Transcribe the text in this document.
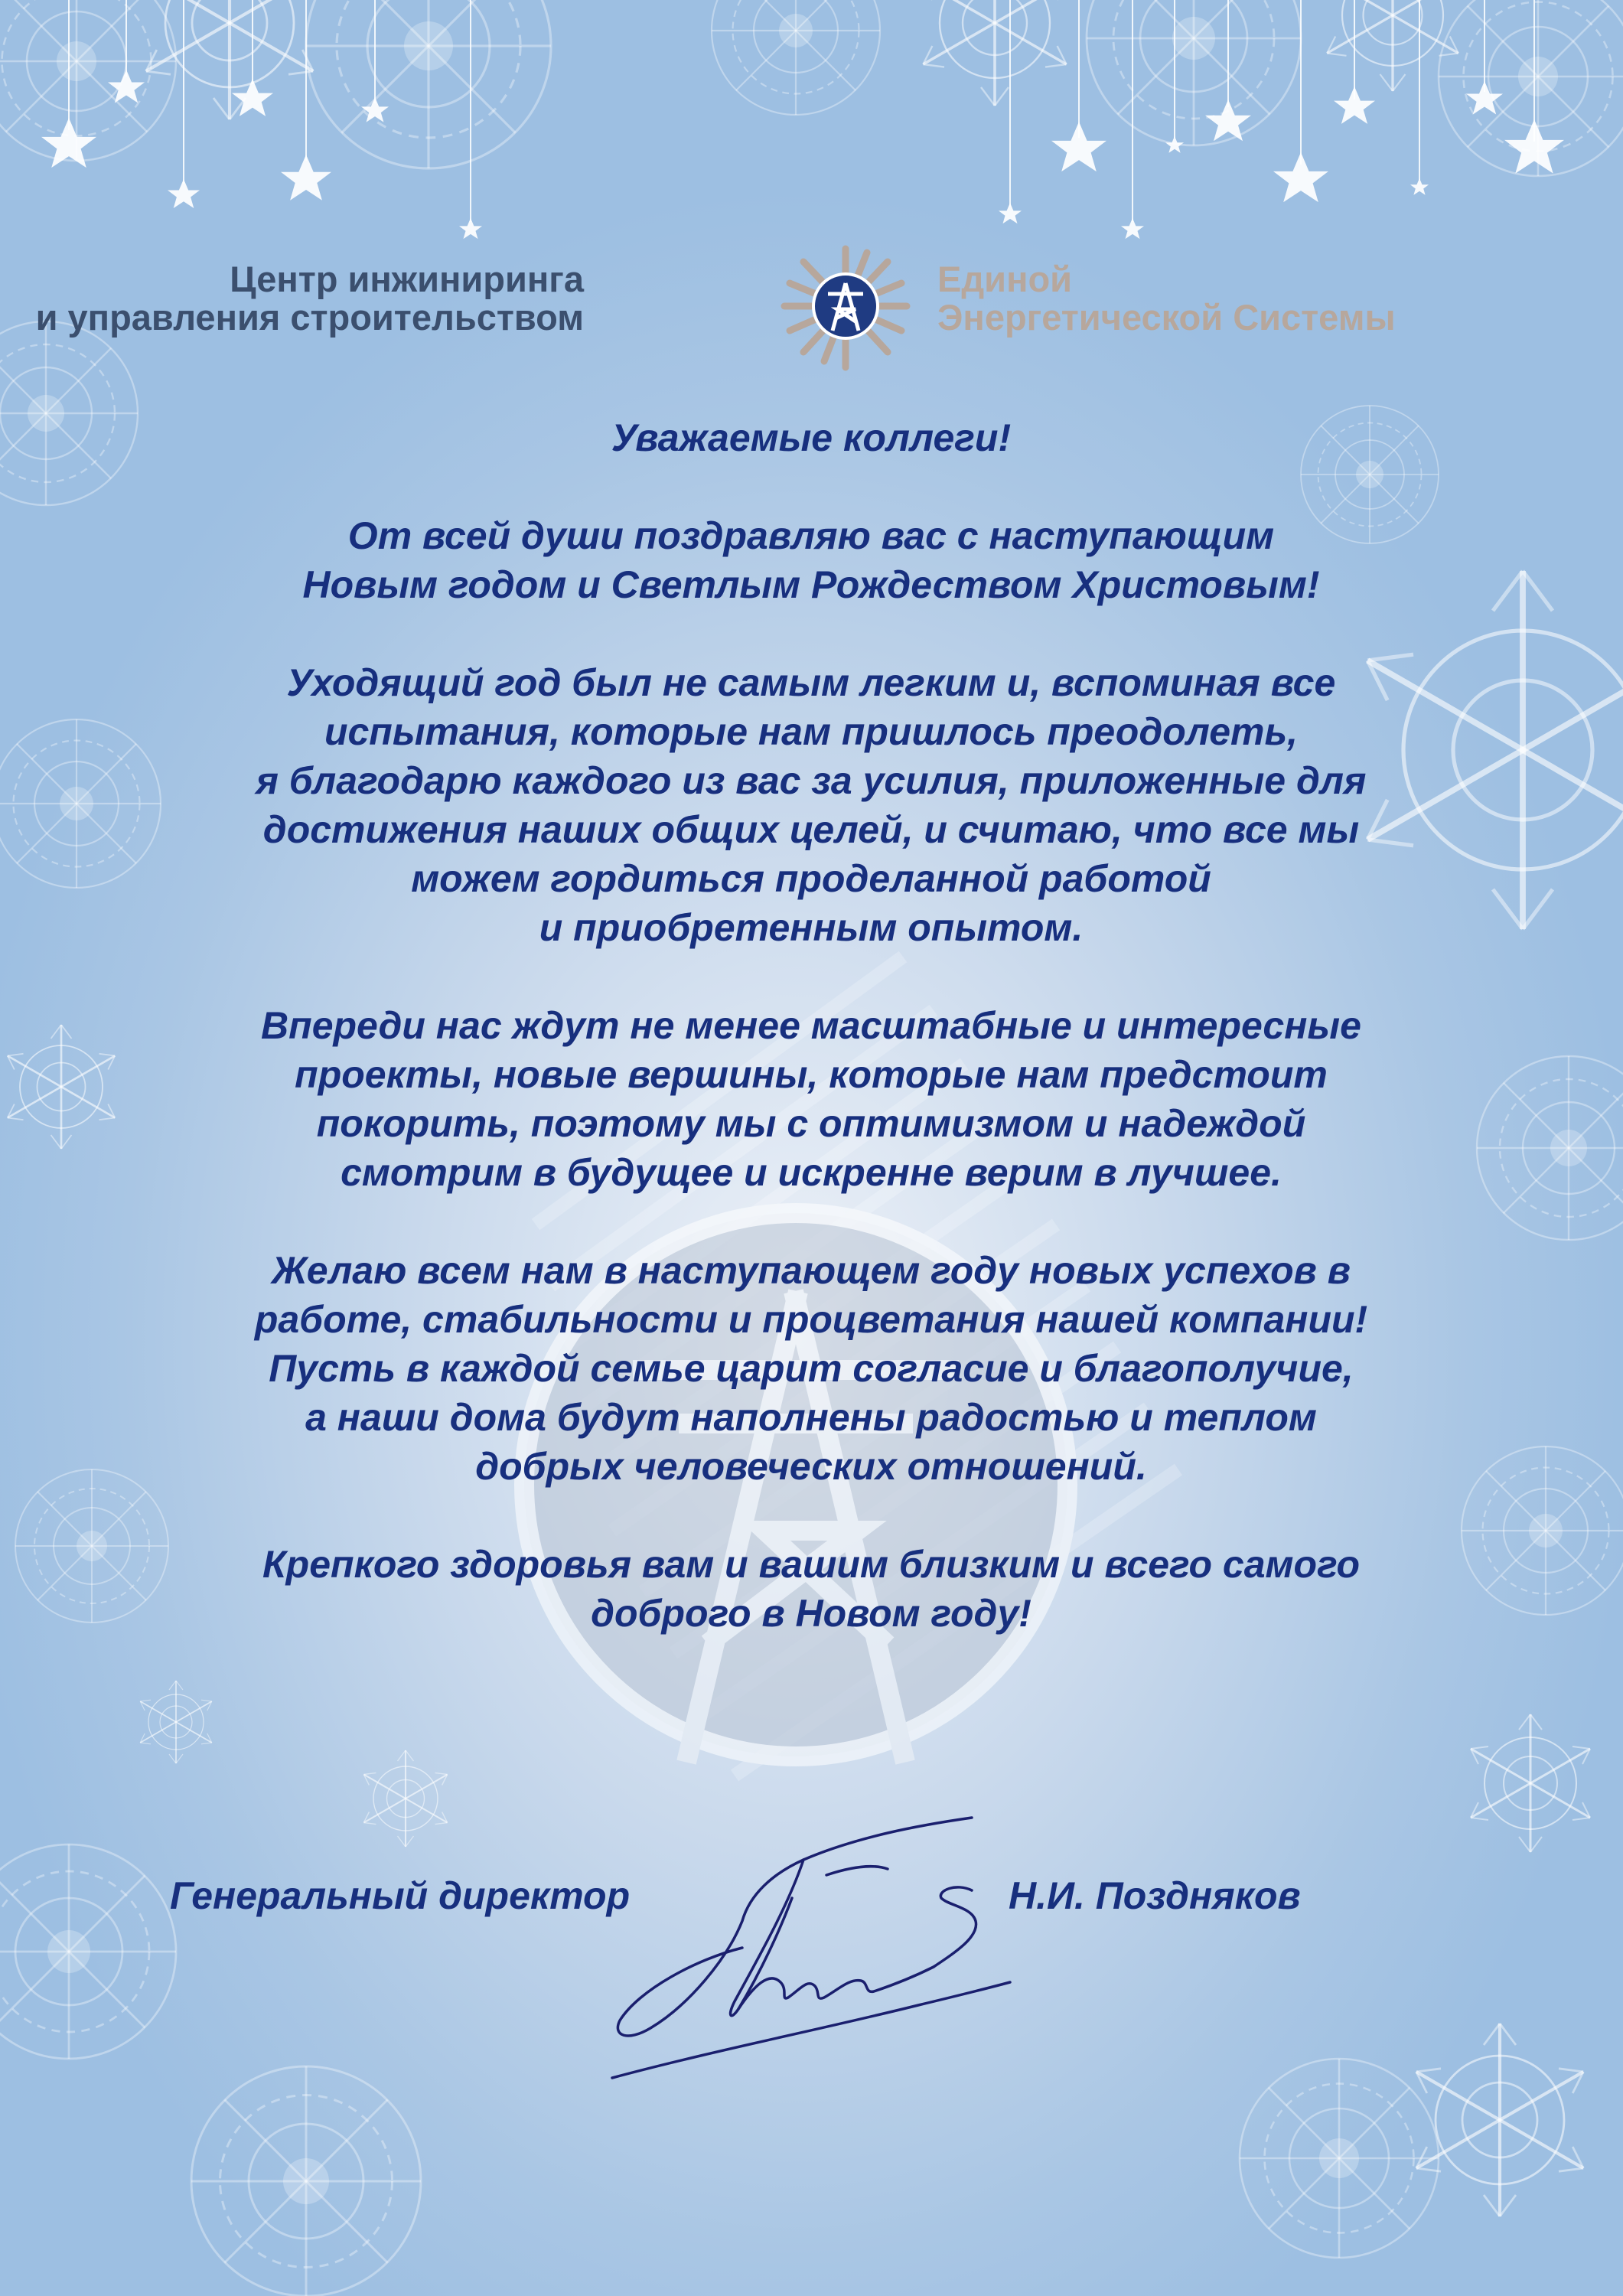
Центр инжиниринга
и управления строительством
Единой
Энергетической Системы

Уважаемые коллеги!

От всей души поздравляю вас с наступающим
Новым годом и Светлым Рождеством Христовым!

Уходящий год был не самым легким и, вспоминая все
испытания, которые нам пришлось преодолеть,
я благодарю каждого из вас за усилия, приложенные для
достижения наших общих целей, и считаю, что все мы
можем гордиться проделанной работой
и приобретенным опытом.

Впереди нас ждут не менее масштабные и интересные
проекты, новые вершины, которые нам предстоит
покорить, поэтому мы с оптимизмом и надеждой
смотрим в будущее и искренне верим в лучшее.

Желаю всем нам в наступающем году новых успехов в
работе, стабильности и процветания нашей компании!
Пусть в каждой семье царит согласие и благополучие,
а наши дома будут наполнены радостью и теплом
добрых человеческих отношений.

Крепкого здоровья вам и вашим близким и всего самого
доброго в Новом году!

Генеральный директор	Н.И. Поздняков
